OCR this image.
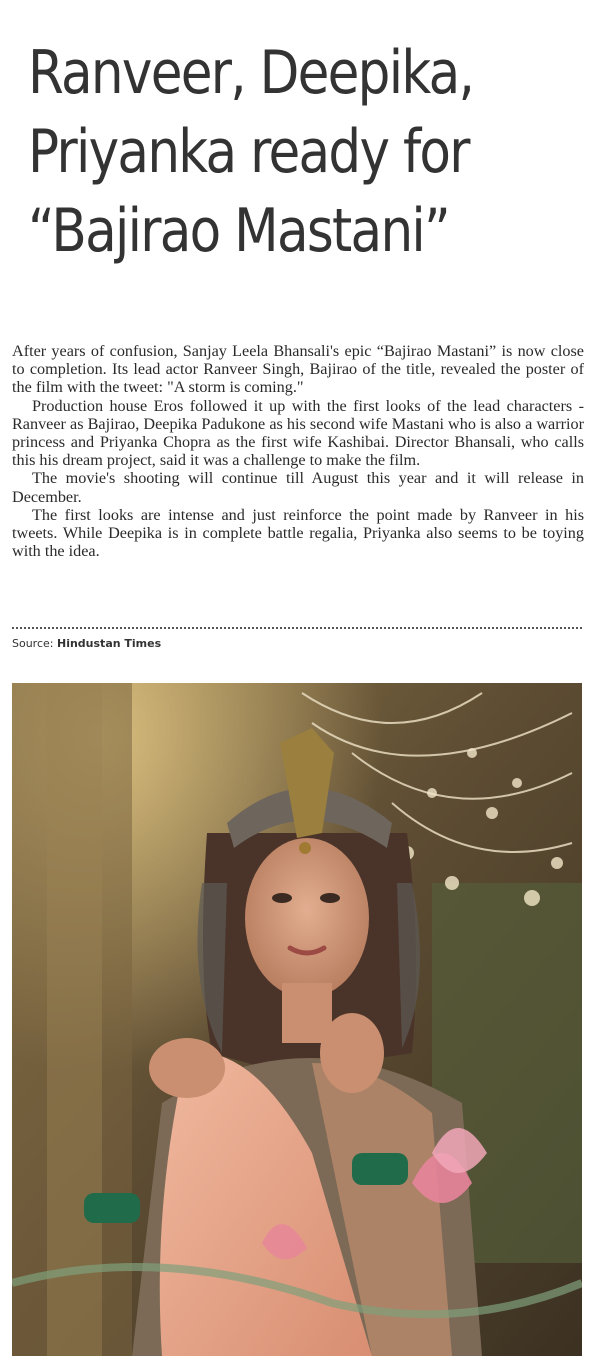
Ranveer, Deepika,
Priyanka ready for
“Bajirao Mastani”

After years of confusion, Sanjay Leela Bhansali's epic “Bajirao Mastani” is now close to completion. Its lead actor Ranveer Singh, Bajirao of the title, revealed the poster of the film with the tweet: "A storm is coming."

Production house Eros followed it up with the first looks of the lead characters - Ranveer as Bajirao, Deepika Padukone as his second wife Mastani who is also a warrior princess and Priyanka Chopra as the first wife Kashibai. Director Bhansali, who calls this his dream project, said it was a challenge to make the film.

The movie's shooting will continue till August this year and it will release in December.

The first looks are intense and just reinforce the point made by Ranveer in his tweets. While Deepika is in complete battle regalia, Priyanka also seems to be toying with the idea.

Source: Hindustan Times
